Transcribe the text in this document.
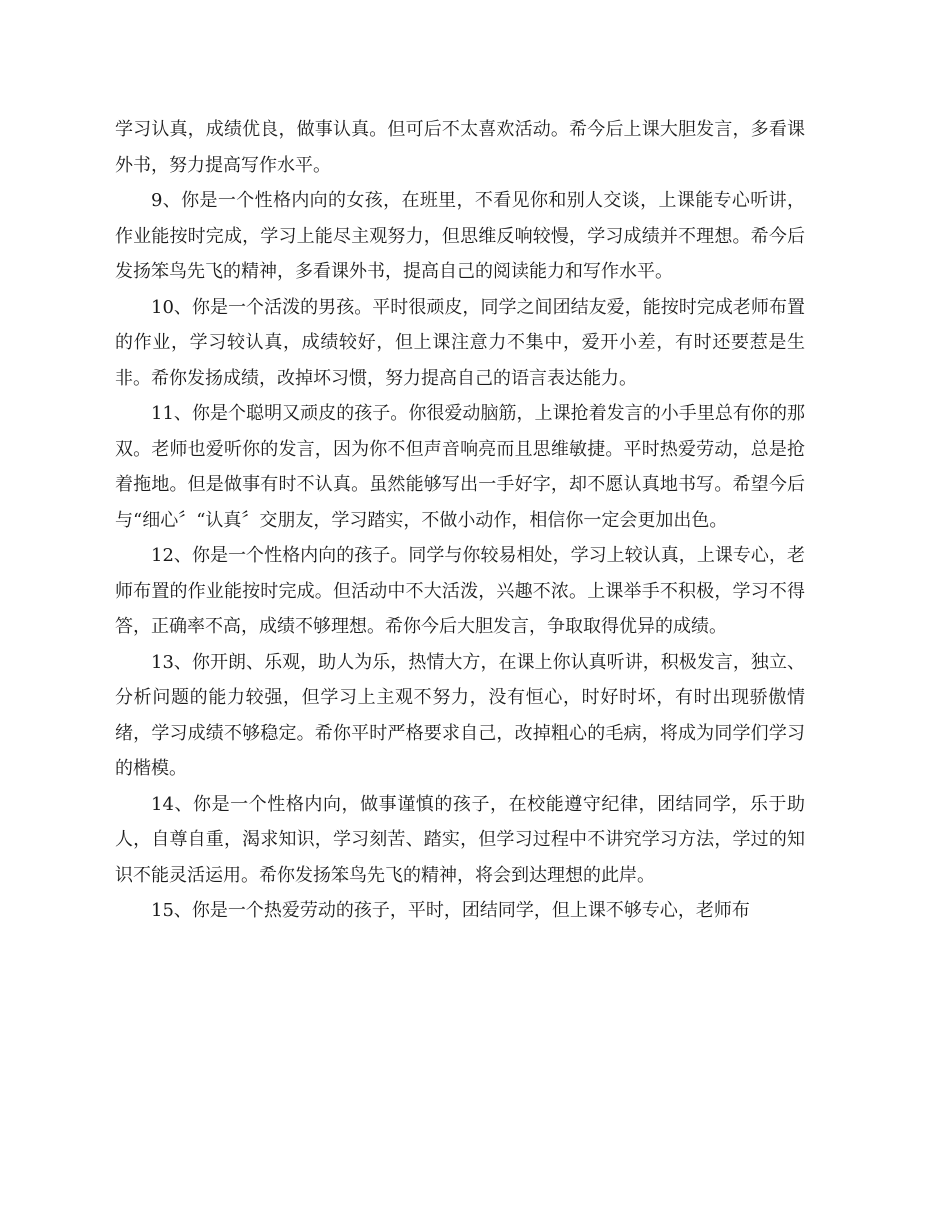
学习认真，成绩优良，做事认真。但可后不太喜欢活动。希今后上课大胆发言，多看课外书，努力提高写作水平。

9、你是一个性格内向的女孩，在班里，不看见你和别人交谈，上课能专心听讲，作业能按时完成，学习上能尽主观努力，但思维反响较慢，学习成绩并不理想。希今后发扬笨鸟先飞的精神，多看课外书，提高自己的阅读能力和写作水平。

10、你是一个活泼的男孩。平时很顽皮，同学之间团结友爱，能按时完成老师布置的作业，学习较认真，成绩较好，但上课注意力不集中，爱开小差，有时还要惹是生非。希你发扬成绩，改掉坏习惯，努力提高自己的语言表达能力。

11、你是个聪明又顽皮的孩子。你很爱动脑筋，上课抢着发言的小手里总有你的那双。老师也爱听你的发言，因为你不但声音响亮而且思维敏捷。平时热爱劳动，总是抢着拖地。但是做事有时不认真。虽然能够写出一手好字，却不愿认真地书写。希望今后与“细心〞“认真〞交朋友，学习踏实，不做小动作，相信你一定会更加出色。

12、你是一个性格内向的孩子。同学与你较易相处，学习上较认真，上课专心，老师布置的作业能按时完成。但活动中不大活泼，兴趣不浓。上课举手不积极，学习不得答，正确率不高，成绩不够理想。希你今后大胆发言，争取取得优异的成绩。

13、你开朗、乐观，助人为乐，热情大方，在课上你认真听讲，积极发言，独立、分析问题的能力较强，但学习上主观不努力，没有恒心，时好时坏，有时出现骄傲情绪，学习成绩不够稳定。希你平时严格要求自己，改掉粗心的毛病，将成为同学们学习的楷模。

14、你是一个性格内向，做事谨慎的孩子，在校能遵守纪律，团结同学，乐于助人，自尊自重，渴求知识，学习刻苦、踏实，但学习过程中不讲究学习方法，学过的知识不能灵活运用。希你发扬笨鸟先飞的精神，将会到达理想的此岸。

15、你是一个热爱劳动的孩子，平时，团结同学，但上课不够专心，老师布
